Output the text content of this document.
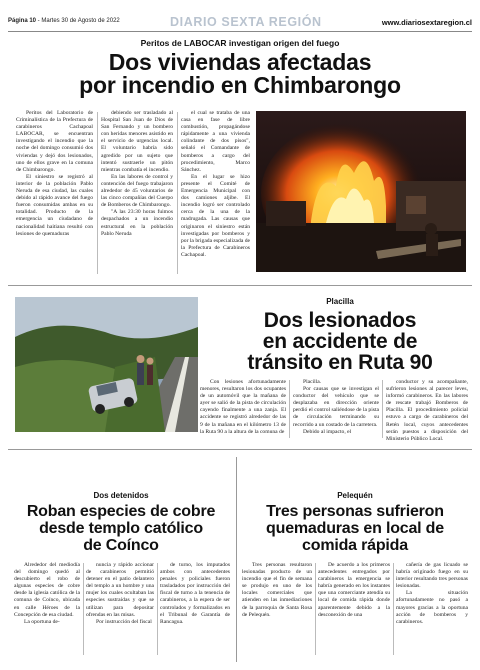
Página 10 - Martes 30 de Agosto de 2022	DIARIO SEXTA REGIÓN	www.diariosextaregion.cl
Peritos de LABOCAR investigan origen del fuego
Dos viviendas afectadas
por incendio en Chimbarongo

Peritos del Laboratorio de Criminalística de la Prefectura de carabineros Cachapoal LABOCAR, se encuentran investigando el incendio que la noche del domingo consumió dos viviendas y dejó dos lesionados, uno de ellos grave en la comuna de Chimbarongo.

El siniestro se registró al interior de la población Pablo Neruda de esa ciudad, las cuales debido al rápido avance del fuego fueron consumidas ambas en su totalidad. Producto de la emergencia un ciudadano de nacionalidad haitiana resultó con lesiones de quemaduras

debiendo ser trasladado al Hospital San Juan de Dios de San Fernando y un bombero con heridas menores asistido en el servicio de urgencias local. El voluntario habría sido agredido por un sujeto que intentó sustraerle un pitón mientras combatía el incendio.

En las labores de control y contención del fuego trabajaron alrededor de 45 voluntarios de las cinco compañías del Cuerpo de Bomberos de Chimbarongo.

"A las 23:30 horas fuimos despachados a un incendio estructural en la población Pablo Neruda

el cual se trataba de una casa en fase de libre combustión, propagándose rápidamente a una vivienda colindante de dos pisos", señaló el Comandante de bomberos a cargo del procedimiento, Marco Sánchez.

En el lugar se hizo presente el Comité de Emergencia Municipal con dos camiones aljibe. El incendio logró ser controlado cerca de la una de la madrugada. Las causas que originaron el siniestro están investigadas por bomberos y por la brigada especializada de la Prefectura de Carabineros Cachapoal.

Placilla
Dos lesionados
en accidente de
tránsito en Ruta 90

Con lesiones afortunadamente menores, resultaron los dos ocupantes de un automóvil que la mañana de ayer se salió de la pista de circulación cayendo finalmente a una zanja. El accidente se registró alrededor de las 9 de la mañana en el kilómetro 13 de la Ruta 90 a la altura de la comuna de

Placilla.

Por causas que se investigan el conductor del vehículo que se desplazaba en dirección oriente perdió el control saliéndose de la pista de circulación terminando su recorrido a un costado de la carretera.

Debido al impacto, el

conductor y su acompañante, sufrieron lesiones al parecer leves, informó carabineros. En las labores de rescate trabajó Bomberos de Placilla. El procedimiento policial estuvo a cargo de carabineros del Retén local, cuyos antecedentes serán puestos a disposición del Ministerio Público Local.

Dos detenidos
Roban especies de cobre
desde templo católico
de Coínco

Alrededor del mediodía del domingo quedó al descubierto el robo de algunas especies de cobre desde la iglesia católica de la comuna de Coínco, ubicada en calle Héroes de la Concepción de esa ciudad.

La oportuna de-

nuncia y rápido accionar de carabineros permitió detener en el patio delantero del templo a un hombre y una mujer los cuales ocultaban las especies sustraídas y que se utilizan para depositar ofrendas en las misas.

Por instrucción del fiscal

de turno, los imputados ambos con antecedentes penales y policiales fueron trasladados por instrucción del fiscal de turno a la tenencia de carabineros, a la espera de ser controlados y formalizados en el Tribunal de Garantía de Rancagua.

Pelequén
Tres personas sufrieron
quemaduras en local de
comida rápida

Tres personas resultaron lesionadas producto de un incendio que el fin de semana se produjo en uno de los locales comerciales que atienden en las inmediaciones de la parroquia de Santa Rosa de Pelequén.

De acuerdo a los primeros antecedentes entregados por carabineros la emergencia se habría generado en los instantes que una comerciante atendía su local de comida rápida donde aparentemente debido a la desconexión de una

cañería de gas licuado se habría originado fuego en su interior resultando tres personas lesionadas.

La situación afortunadamente no pasó a mayores gracias a la oportuna acción de bomberos y carabineros.
